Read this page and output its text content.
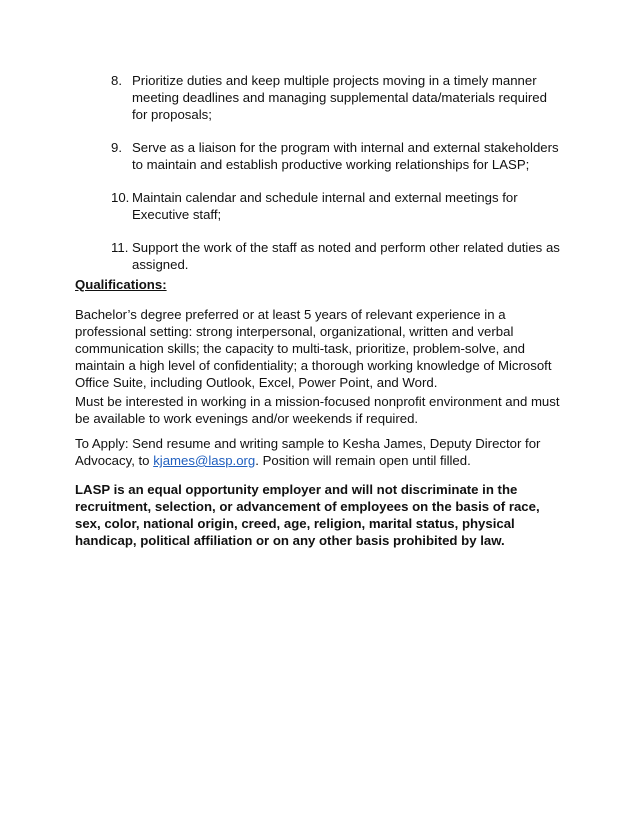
8. Prioritize duties and keep multiple projects moving in a timely manner meeting deadlines and managing supplemental data/materials required for proposals;
9. Serve as a liaison for the program with internal and external stakeholders to maintain and establish productive working relationships for LASP;
10. Maintain calendar and schedule internal and external meetings for Executive staff;
11. Support the work of the staff as noted and perform other related duties as assigned.
Qualifications:

Bachelor’s degree preferred or at least 5 years of relevant experience in a professional setting: strong interpersonal, organizational, written and verbal communication skills; the capacity to multi-task, prioritize, problem-solve, and maintain a high level of confidentiality; a thorough working knowledge of Microsoft Office Suite, including Outlook, Excel, Power Point, and Word.

Must be interested in working in a mission-focused nonprofit environment and must be available to work evenings and/or weekends if required.

To Apply: Send resume and writing sample to Kesha James, Deputy Director for Advocacy, to kjames@lasp.org. Position will remain open until filled.

LASP is an equal opportunity employer and will not discriminate in the recruitment, selection, or advancement of employees on the basis of race, sex, color, national origin, creed, age, religion, marital status, physical handicap, political affiliation or on any other basis prohibited by law.
